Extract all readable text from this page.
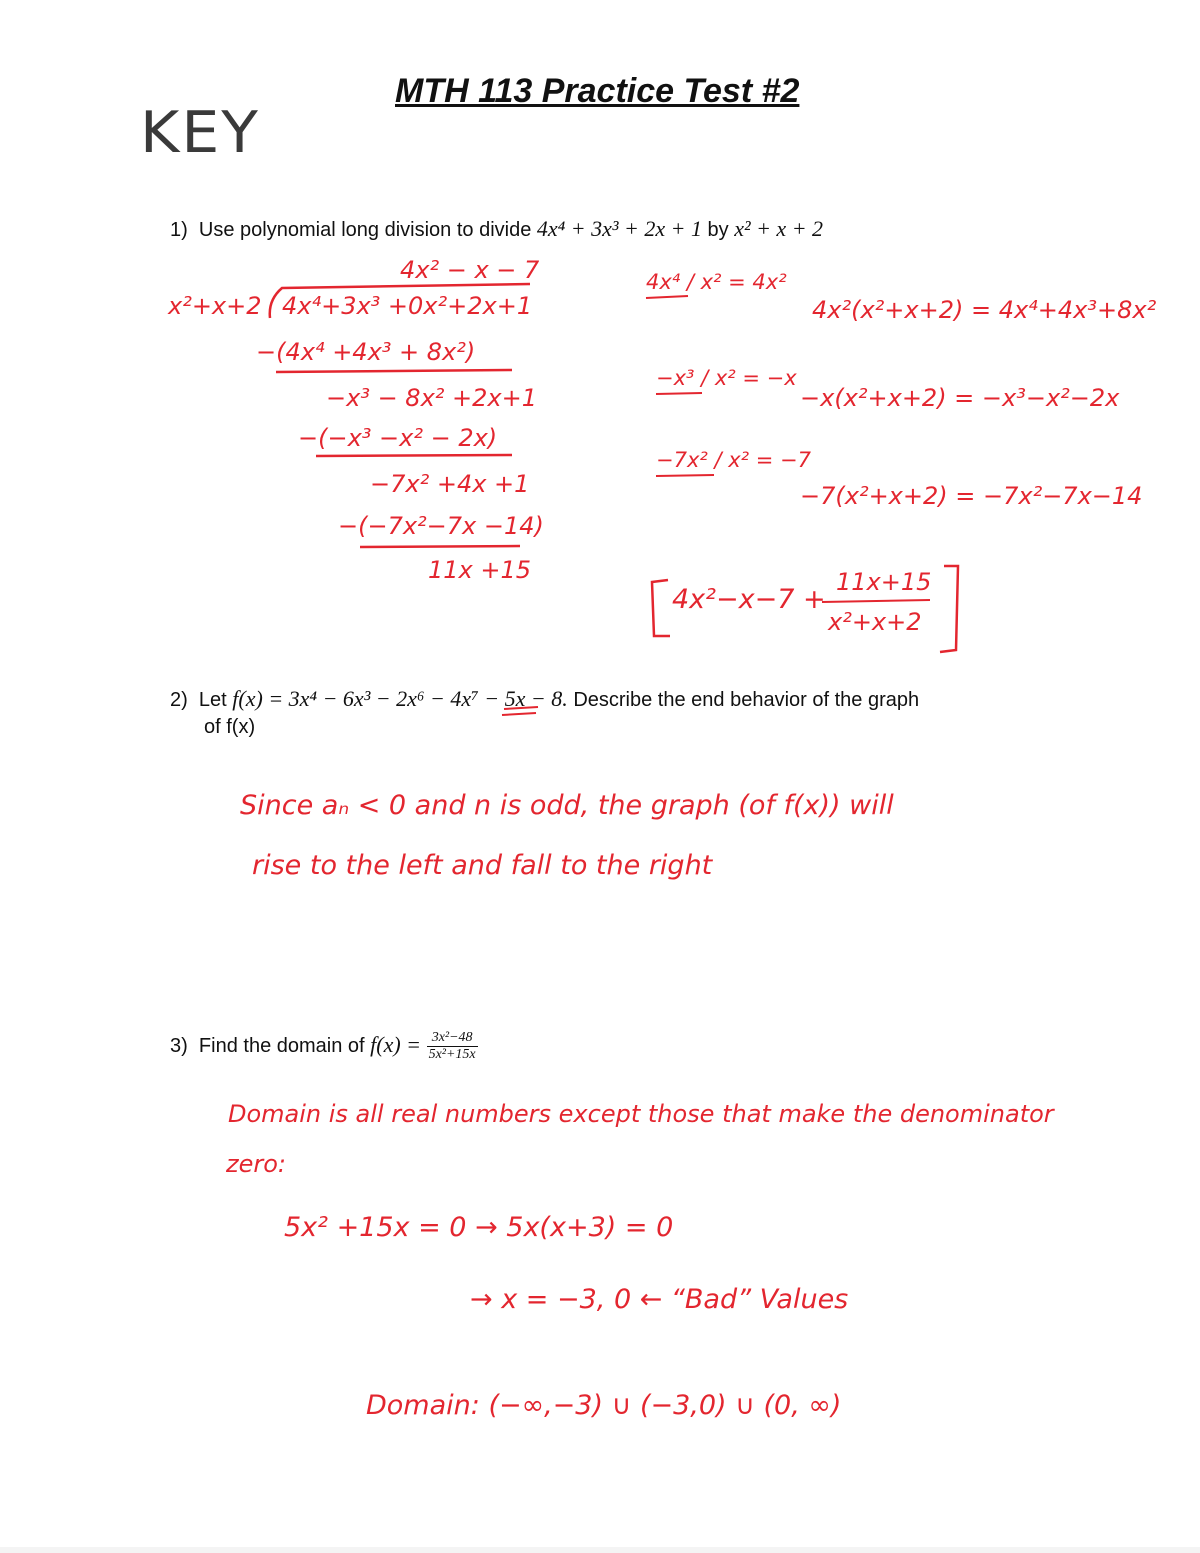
KEY
MTH 113 Practice Test #2
1) Use polynomial long division to divide 4x⁴ + 3x³ + 2x + 1 by x² + x + 2
4x² − x − 7
x²+x+2 4x⁴+3x³ +0x²+2x+1
−(4x⁴ +4x³ + 8x²)
−x³ − 8x² +2x+1
−(−x³ −x² − 2x)
−7x² +4x +1
−(−7x²−7x −14)
11x +15
4x⁴ / x² = 4x²
4x²(x²+x+2) = 4x⁴+4x³+8x²
−x³ / x² = −x
−x(x²+x+2) = −x³−x²−2x
−7x² / x² = −7
−7(x²+x+2) = −7x²−7x−14
4x²−x−7 +
11x+15
x²+x+2
2) Let f(x) = 3x⁴ − 6x³ − 2x⁶ − 4x⁷ − 5x − 8. Describe the end behavior of the graph
of f(x)
Since aₙ < 0 and n is odd, the graph (of f(x)) will
rise to the left and fall to the right
3) Find the domain of $f(x) = \frac{\text{3x²−48}}{\text{5x²+15x}}$
Domain is all real numbers except those that make the denominator
zero:
5x² +15x = 0 → 5x(x+3) = 0
→ x = −3, 0 ← “Bad” Values
Domain: (−∞,−3) ∪ (−3,0) ∪ (0, ∞)
